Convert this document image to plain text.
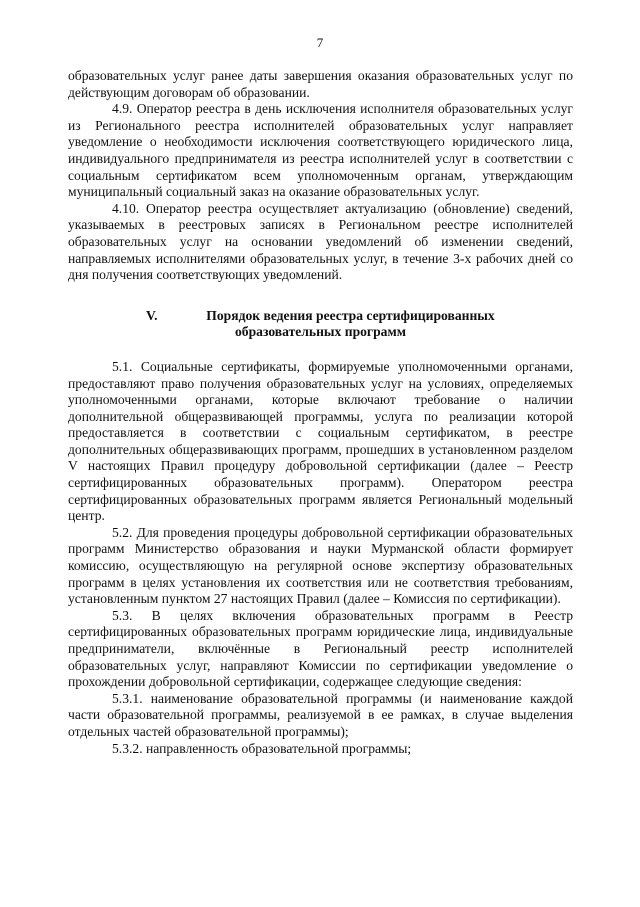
7

образовательных услуг ранее даты завершения оказания образовательных услуг по действующим договорам об образовании.

4.9. Оператор реестра в день исключения исполнителя образовательных услуг из Регионального реестра исполнителей образовательных услуг направляет уведомление о необходимости исключения соответствующего юридического лица, индивидуального предпринимателя из реестра исполнителей услуг в соответствии с социальным сертификатом всем уполномоченным органам, утверждающим муниципальный социальный заказ на оказание образовательных услуг.

4.10. Оператор реестра осуществляет актуализацию (обновление) сведений, указываемых в реестровых записях в Региональном реестре исполнителей образовательных услуг на основании уведомлений об изменении сведений, направляемых исполнителями образовательных услуг, в течение 3-х рабочих дней со дня получения соответствующих уведомлений.

V.	Порядок ведения реестра сертифицированных
образовательных программ

5.1. Социальные сертификаты, формируемые уполномоченными органами, предоставляют право получения образовательных услуг на условиях, определяемых уполномоченными органами, которые включают требование о наличии дополнительной общеразвивающей программы, услуга по реализации которой предоставляется в соответствии с социальным сертификатом, в реестре дополнительных общеразвивающих программ, прошедших в установленном разделом V настоящих Правил процедуру добровольной сертификации (далее – Реестр сертифицированных образовательных программ). Оператором реестра сертифицированных образовательных программ является Региональный модельный центр.

5.2. Для проведения процедуры добровольной сертификации образовательных программ Министерство образования и науки Мурманской области формирует комиссию, осуществляющую на регулярной основе экспертизу образовательных программ в целях установления их соответствия или не соответствия требованиям, установленным пунктом 27 настоящих Правил (далее – Комиссия по сертификации).

5.3. В целях включения образовательных программ в Реестр сертифицированных образовательных программ юридические лица, индивидуальные предприниматели, включённые в Региональный реестр исполнителей образовательных услуг, направляют Комиссии по сертификации уведомление о прохождении добровольной сертификации, содержащее следующие сведения:

5.3.1. наименование образовательной программы (и наименование каждой части образовательной программы, реализуемой в ее рамках, в случае выделения отдельных частей образовательной программы);

5.3.2. направленность образовательной программы;
